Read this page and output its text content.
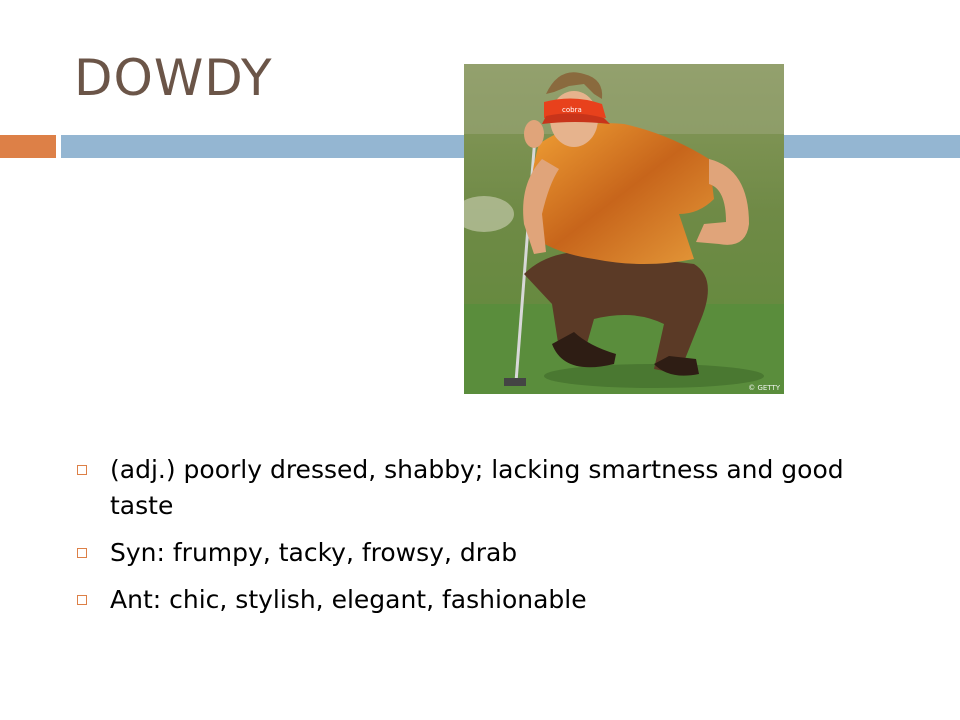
DOWDY
cobra
© GETTY
(adj.) poorly dressed, shabby; lacking smartness and good taste
Syn: frumpy, tacky, frowsy, drab
Ant: chic, stylish, elegant, fashionable
